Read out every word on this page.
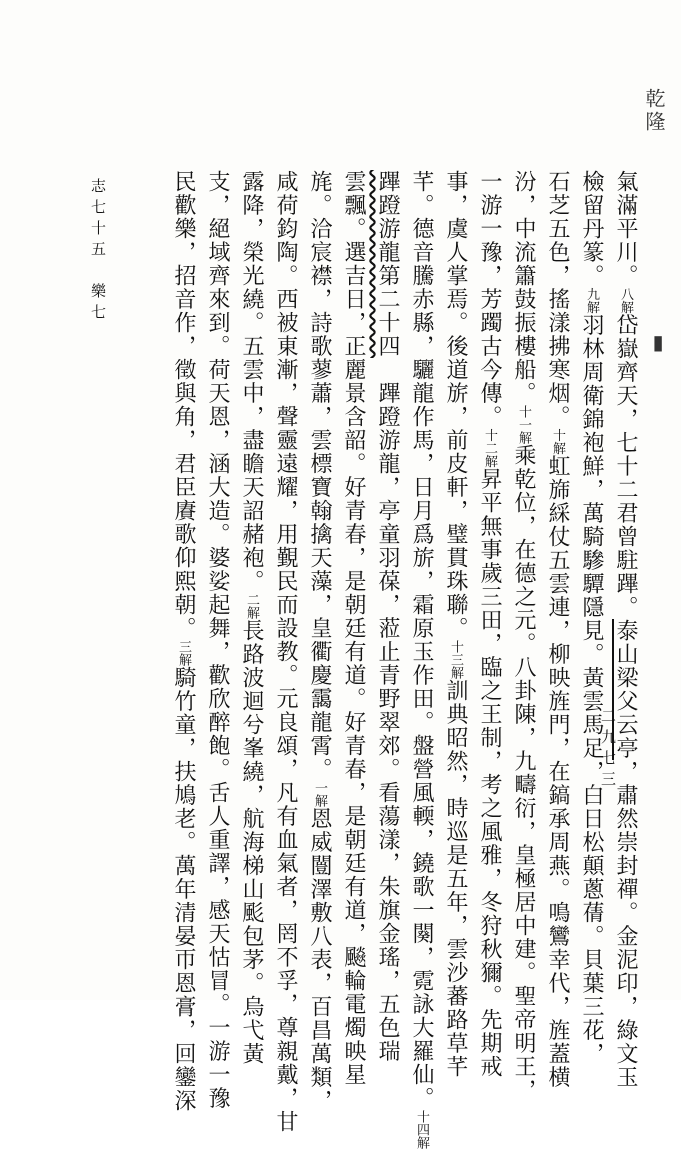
乾隆
▮
二九七三
氣滿平川。八解岱嶽齊天，七十二君曾駐蹕。泰山梁父云亭，肅然崇封禪。金泥印，綠文玉
檢留丹篆。九解羽林周衛錦袍鮮，萬騎驂驔隱見。黃雲馬足，白日松顛蔥蒨。貝葉三花，
石芝五色，搖漾拂寒烟。十解虹旆綵仗五雲連，柳映旌門，在鎬承周燕。鳴鸞幸代，旌蓋横
汾，中流簫鼓振樓船。十一解乘乾位，在德之元。八卦陳，九疇衍，皇極居中建。聖帝明王，
一游一豫，芳躅古今傳。十二解昇平無事歲三田，臨之王制，考之風雅，冬狩秋獮。先期戒
事，虞人掌焉。後道旂，前皮軒，璧貫珠聯。十三解訓典昭然，時巡是五年，雲沙蕃路草芊
芊。德音騰赤縣，驪龍作馬，日月爲旂，霜原玉作田。盤營風輭，鐃歌一闋，霓詠大羅仙。十四解
蹕蹬游龍第二十四　蹕蹬游龍，亭童羽葆，蒞止青野翠郊。看蕩漾，朱旗金瑤，五色瑞
雲飄。選吉日，正麗景含韶。好青春，是朝廷有道。好青春，是朝廷有道，飈輪電燭映星
旄。洽宸襟，詩歌蓼蕭，雲標寶翰擒天藻，皇衢慶靄龍霄。一解恩威闓澤敷八表，百昌萬類，
咸荷鈞陶。西被東漸，聲靈遠耀，用覲民而設教。元良頌，凡有血氣者，罔不孚，尊親戴，甘
露降，榮光繞。五雲中，盡瞻天詔赭袍。二解長路波迴兮峯繞，航海梯山颩包茅。烏弋黃
支，絕域齊來到。荷天恩，涵大造。婆娑起舞，歡欣醉飽。舌人重譯，感天怙冒。一游一豫
民歡樂，招音作，徵與角，君臣賡歌仰熙朝。三解騎竹童，扶鳩老。萬年清晏帀恩膏，回鑾深
志七十五　樂七
